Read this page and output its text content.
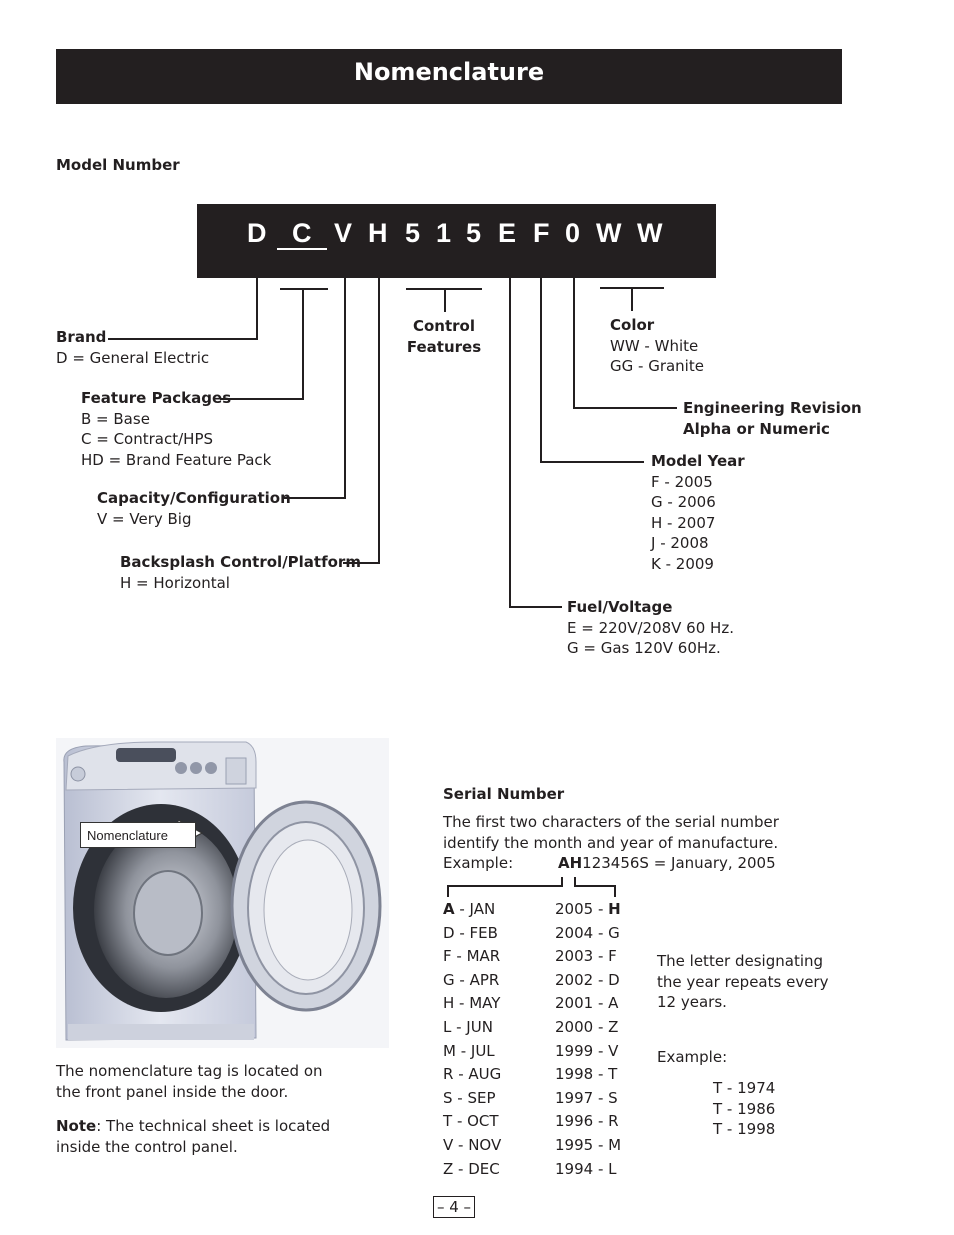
Nomenclature
Model Number
D C V H 5 1 5 E F 0 W W
Brand
D = General Electric
Feature Packages
B = Base
C = Contract/HPS
HD = Brand Feature Pack
Capacity/Configuration
V = Very Big
Backsplash Control/Platform
H = Horizontal
Control
Features
Color
WW - White
GG - Granite
Engineering Revision
Alpha or Numeric
Model Year
F - 2005
G - 2006
H - 2007
J - 2008
K - 2009
Fuel/Voltage
E = 220V/208V 60 Hz.
G = Gas 120V 60Hz.
Nomenclature
The nomenclature tag is located on
the front panel inside the door.
Note: The technical sheet is located
inside the control panel.
Serial Number
The first two characters of the serial number
identify the month and year of manufacture.
Example:	AH123456S = January, 2005
A - JAN
D - FEB
F - MAR
G - APR
H - MAY
L - JUN
M - JUL
R - AUG
S - SEP
T - OCT
V - NOV
Z - DEC
2005 - H
2004 - G
2003 - F
2002 - D
2001 - A
2000 - Z
1999 - V
1998 - T
1997 - S
1996 - R
1995 - M
1994 - L
The letter designating
the year repeats every
12 years.
Example:
T - 1974
T - 1986
T - 1998
– 4 –
